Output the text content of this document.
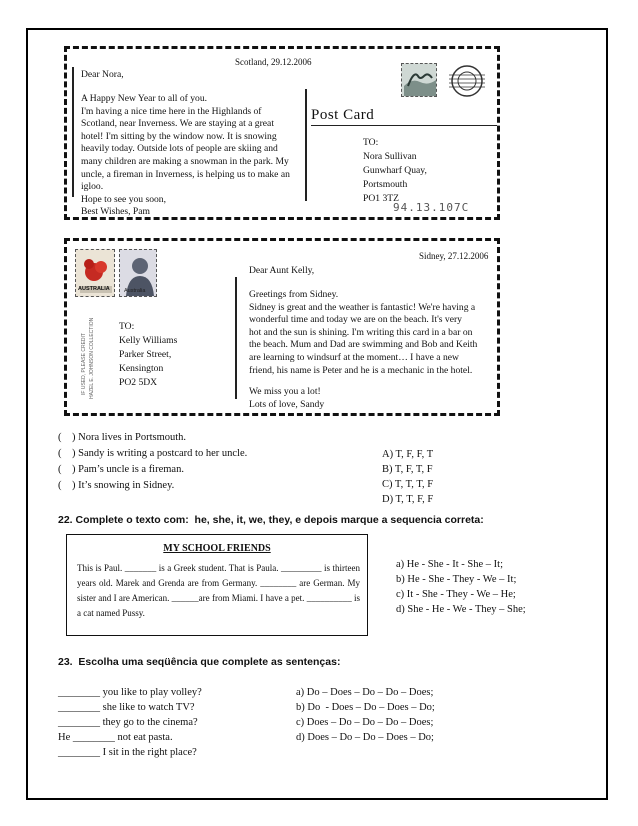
Scotland, 29.12.2006
Dear Nora,
A Happy New Year to all of you.
I'm having a nice time here in the Highlands of
Scotland, near Inverness. We are staying at a great
hotel! I'm sitting by the window now. It is snowing
heavily today. Outside lots of people are skiing and
many children are making a snowman in the park. My
uncle, a fireman in Inverness, is helping us to make an
igloo.
Hope to see you soon,
Best Wishes, Pam
Post Card
TO:
Nora Sullivan
Gunwharf Quay,
Portsmouth
PO1 3TZ
94.13.107C
Sidney, 27.12.2006
AUSTRALIA	Australia
IF USED, PLEASE CREDIT HAZEL E. JOHNSON COLLECTION	TO:
Kelly Williams
Parker Street,
Kensington
PO2 5DX
Dear Aunt Kelly,
Greetings from Sidney.
Sidney is great and the weather is fantastic! We're having a
wonderful time and today we are on the beach. It's very
hot and the sun is shining. I'm writing this card in a bar on
the beach. Mum and Dad are swimming and Bob and Keith
are learning to windsurf at the moment… I have a new
friend, his name is Peter and he is a mechanic in the hotel.
We miss you a lot!
Lots of love, Sandy
(    ) Nora lives in Portsmouth.
(    ) Sandy is writing a postcard to her uncle.
(    ) Pam’s uncle is a fireman.
(    ) It’s snowing in Sidney.
A) T, F, F, T
B) T, F, T, F
C) T, T, T, F
D) T, T, F, F
22. Complete o texto com:  he, she, it, we, they, e depois marque a sequencia correta:
MY SCHOOL FRIENDS
This is Paul. _______ is a Greek student. That is Paula. _________ is thirteen years old. Marek and Grenda are from Germany. ________ are German. My sister and I are American. ______are from Miami. I have a pet. __________ is a cat named Pussy.
a) He - She - It - She – It;
b) He - She - They - We – It;
c) It - She - They - We – He;
d) She - He - We - They – She;
23.  Escolha uma seqüência que complete as sentenças:
________ you like to play volley?
________ she like to watch TV?
________ they go to the cinema?
He ________ not eat pasta.
________ I sit in the right place?
a) Do – Does – Do – Do – Does;
b) Do  - Does – Do – Does – Do;
c) Does – Do – Do – Do – Does;
d) Does – Do – Do – Does – Do;
